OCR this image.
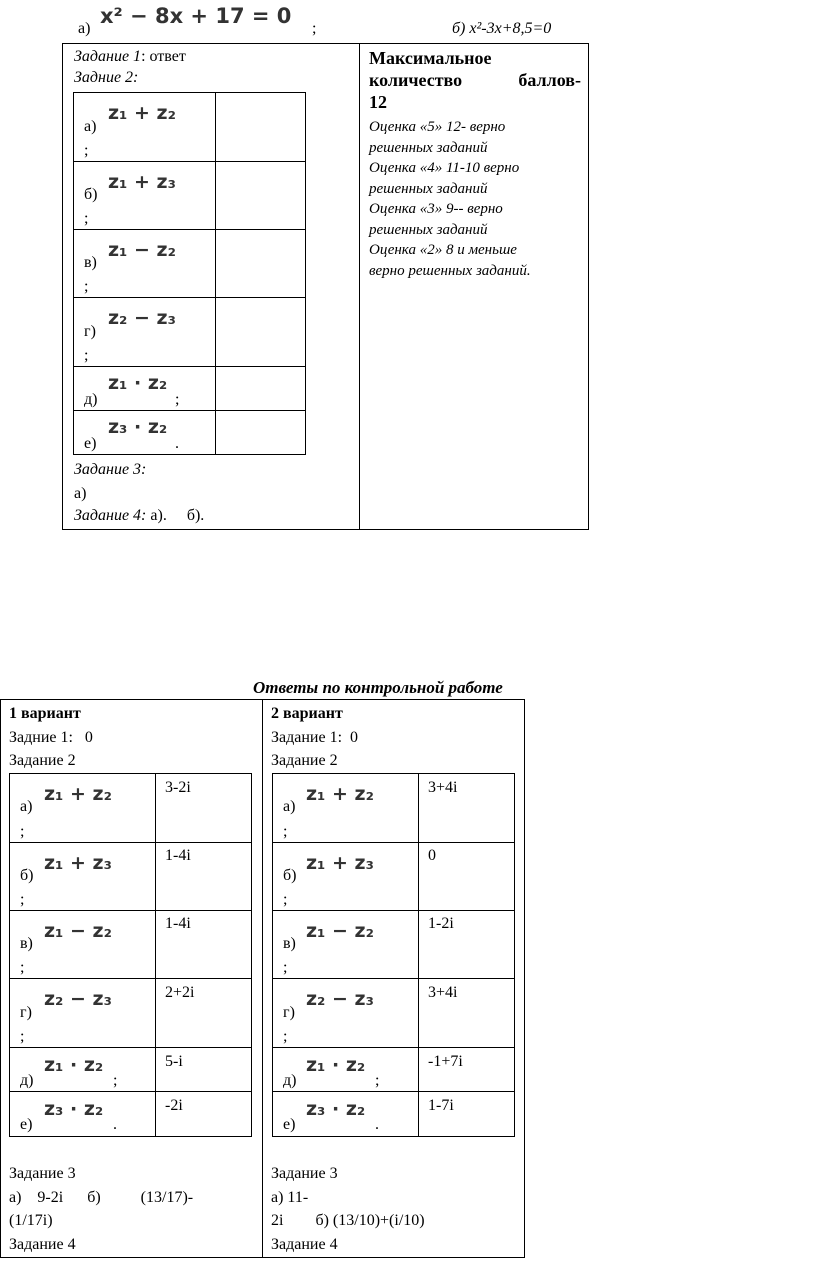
а)
x² − 8x + 17 = 0
;	б) x²-3x+8,5=0
Задание 1: ответ
Задние 2:
а)
z₁ + z₂
;
б)
z₁ + z₃
;
в)
z₁ − z₂
;
г)
z₂ − z₃
;
д)
z₁ · z₂
;
е)
z₃ · z₂
.
Задание 3:
а)
Задание 4: а).     б).
Максимальное
количество	баллов-
12
Оценка «5» 12- верно
решенных заданий
Оценка «4» 11-10 верно
решенных заданий
Оценка «3» 9-- верно
решенных заданий
Оценка «2» 8 и меньше
верно решенных заданий.
Ответы по контрольной работе
1 вариант
Задние 1:   0
Задание 2
а)
z₁ + z₂
;
3-2i
б)
z₁ + z₃
;
1-4i
в)
z₁ − z₂
;
1-4i
г)
z₂ − z₃
;
2+2i
д)
z₁ · z₂
;
5-i
е)
z₃ · z₂
.
-2i
Задание 3
а)    9-2i      б)          (13/17)-
(1/17i)
Задание 4
2 вариант
Задание 1:  0
Задание 2
а)
z₁ + z₂
;
3+4i
б)
z₁ + z₃
;
0
в)
z₁ − z₂
;
1-2i
г)
z₂ − z₃
;
3+4i
д)
z₁ · z₂
;
-1+7i
е)
z₃ · z₂
.
1-7i
Задание 3
а) 11-
2i        б) (13/10)+(i/10)
Задание 4
